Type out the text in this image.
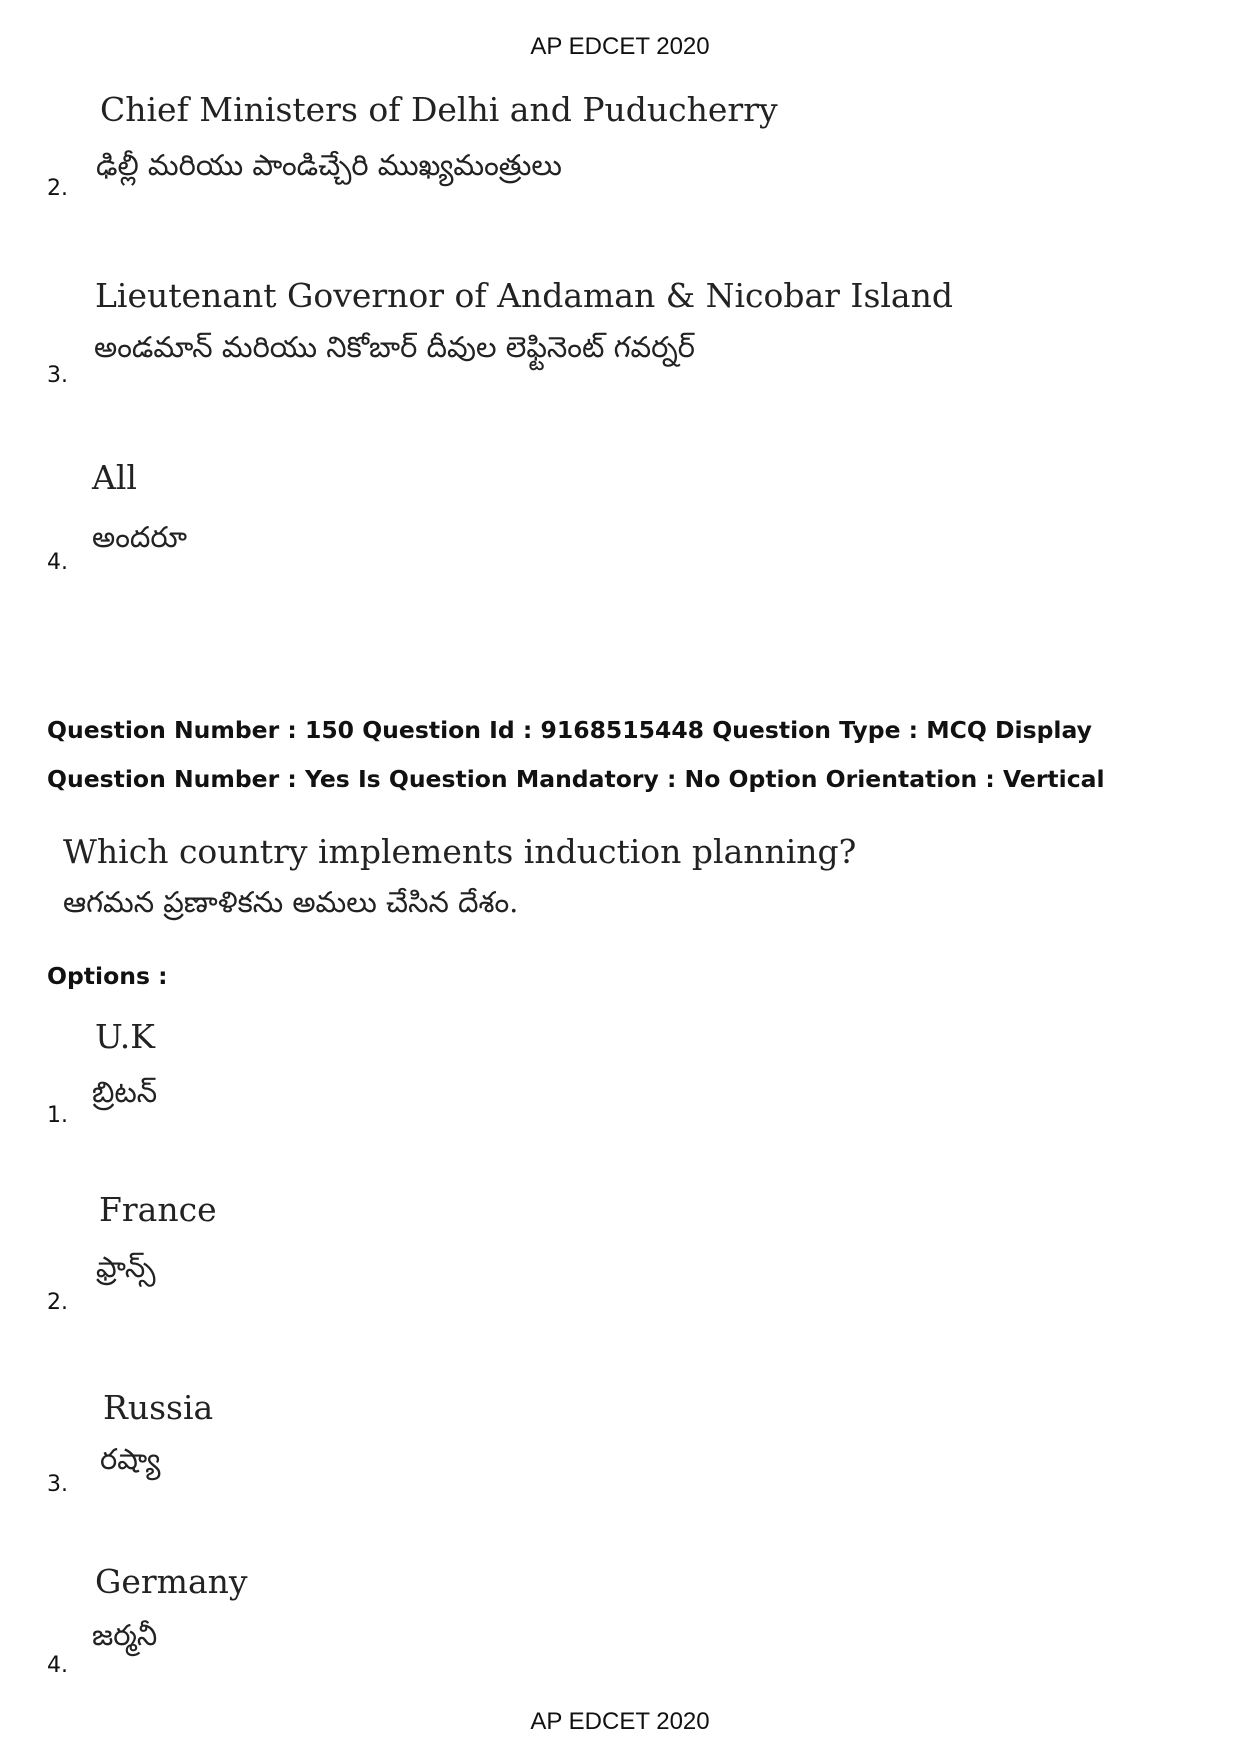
AP EDCET 2020
Chief Ministers of Delhi and Puducherry
ఢిల్లీ మరియు పాండిచ్చేరి ముఖ్యమంత్రులు
2.
Lieutenant Governor of Andaman & Nicobar Island
అండమాన్ మరియు నికోబార్ దీవుల లెఫ్టినెంట్ గవర్నర్
3.
All
అందరూ
4.
Question Number : 150 Question Id : 9168515448 Question Type : MCQ Display Question Number : Yes Is Question Mandatory : No Option Orientation : Vertical
Which country implements induction planning?
ఆగమన ప్రణాళికను అమలు చేసిన దేశం.
Options :
U.K
బ్రిటన్
1.
France
ఫ్రాన్స్
2.
Russia
రష్యా
3.
Germany
జర్మనీ
4.
AP EDCET 2020
